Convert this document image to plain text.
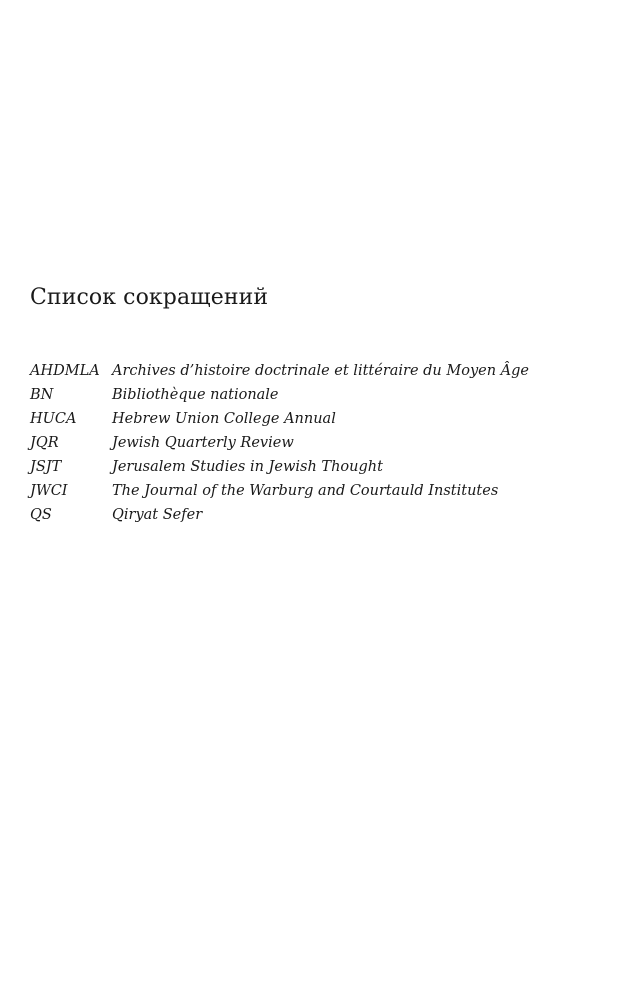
Список сокращений
AHDMLA Archives d’histoire doctrinale et littéraire du Moyen Âge
BN	Bibliothèque nationale
HUCA	Hebrew Union College Annual
JQR	Jewish Quarterly Review
JSJT	Jerusalem Studies in Jewish Thought
JWCI	The Journal of the Warburg and Courtauld Institutes
QS	Qiryat Sefer
